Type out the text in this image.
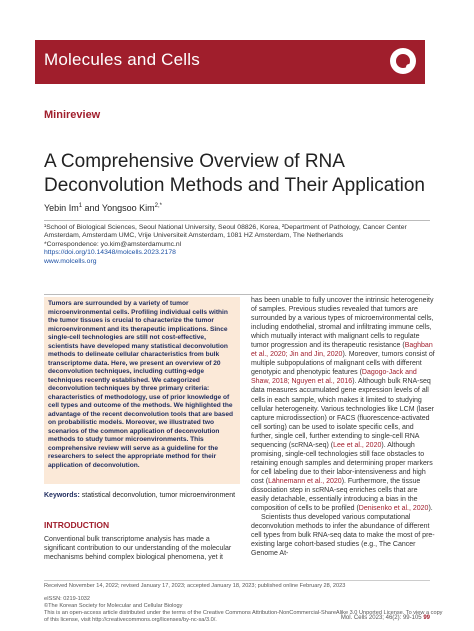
Molecules and Cells
Minireview
A Comprehensive Overview of RNA Deconvolution Methods and Their Application
Yebin Im$^1$ and Yongsoo Kim$^{2,*}$
¹School of Biological Sciences, Seoul National University, Seoul 08826, Korea, ²Department of Pathology, Cancer Center Amsterdam, Amsterdam UMC, Vrije Universiteit Amsterdam, 1081 HZ Amsterdam, The Netherlands
*Correspondence: yo.kim@amsterdamumc.nl
https://doi.org/10.14348/molcells.2023.2178
www.molcells.org
Tumors are surrounded by a variety of tumor microenvironmental cells. Profiling individual cells within the tumor tissues is crucial to characterize the tumor microenvironment and its therapeutic implications. Since single-cell technologies are still not cost-effective, scientists have developed many statistical deconvolution methods to delineate cellular characteristics from bulk transcriptome data. Here, we present an overview of 20 deconvolution techniques, including cutting-edge techniques recently established. We categorized deconvolution techniques by three primary criteria: characteristics of methodology, use of prior knowledge of cell types and outcome of the methods. We highlighted the advantage of the recent deconvolution tools that are based on probabilistic models. Moreover, we illustrated two scenarios of the common application of deconvolution methods to study tumor microenvironments. This comprehensive review will serve as a guideline for the researchers to select the appropriate method for their application of deconvolution.
Keywords: statistical deconvolution, tumor microenvironment
INTRODUCTION
Conventional bulk transcriptome analysis has made a significant contribution to our understanding of the molecular mechanisms behind complex biological phenomena, yet it
has been unable to fully uncover the intrinsic heterogeneity of samples. Previous studies revealed that tumors are surrounded by a various types of microenvironmental cells, including endothelial, stromal and infiltrating immune cells, which mutually interact with malignant cells to regulate tumor progression and its therapeutic resistance (Baghban et al., 2020; Jin and Jin, 2020). Moreover, tumors consist of multiple subpopulations of malignant cells with different genotypic and phenotypic features (Dagogo-Jack and Shaw, 2018; Nguyen et al., 2016). Although bulk RNA-seq data measures accumulated gene expression levels of all cells in each sample, which makes it limited to studying cellular heterogeneity. Various technologies like LCM (laser capture microdissection) or FACS (fluorescence-activated cell sorting) can be used to isolate specific cells, and further, single cell, further extending to single-cell RNA sequencing (scRNA-seq) (Lee et al., 2020). Although promising, single-cell technologies still face obstacles to retaining enough samples and determining proper markers for cell labeling due to their labor-intensiveness and high cost (Lähnemann et al., 2020). Furthermore, the tissue dissociation step in scRNA-seq enriches cells that are easily detachable, essentially introducing a bias in the composition of cells to be profiled (Denisenko et al., 2020).
Scientists thus developed various computational deconvolution methods to infer the abundance of different cell types from bulk RNA-seq data to make the most of pre-existing large cohort-based studies (e.g., The Cancer Genome At-
Received November 14, 2022; revised January 17, 2023; accepted January 18, 2023; published online February 28, 2023
eISSN: 0219-1032
©The Korean Society for Molecular and Cellular Biology
This is an open-access article distributed under the terms of the Creative Commons Attribution-NonCommercial-ShareAlike 3.0 Unported License. To view a copy of this license, visit http://creativecommons.org/licenses/by-nc-sa/3.0/.	Mol. Cells 2023; 46(2): 99-105 99
